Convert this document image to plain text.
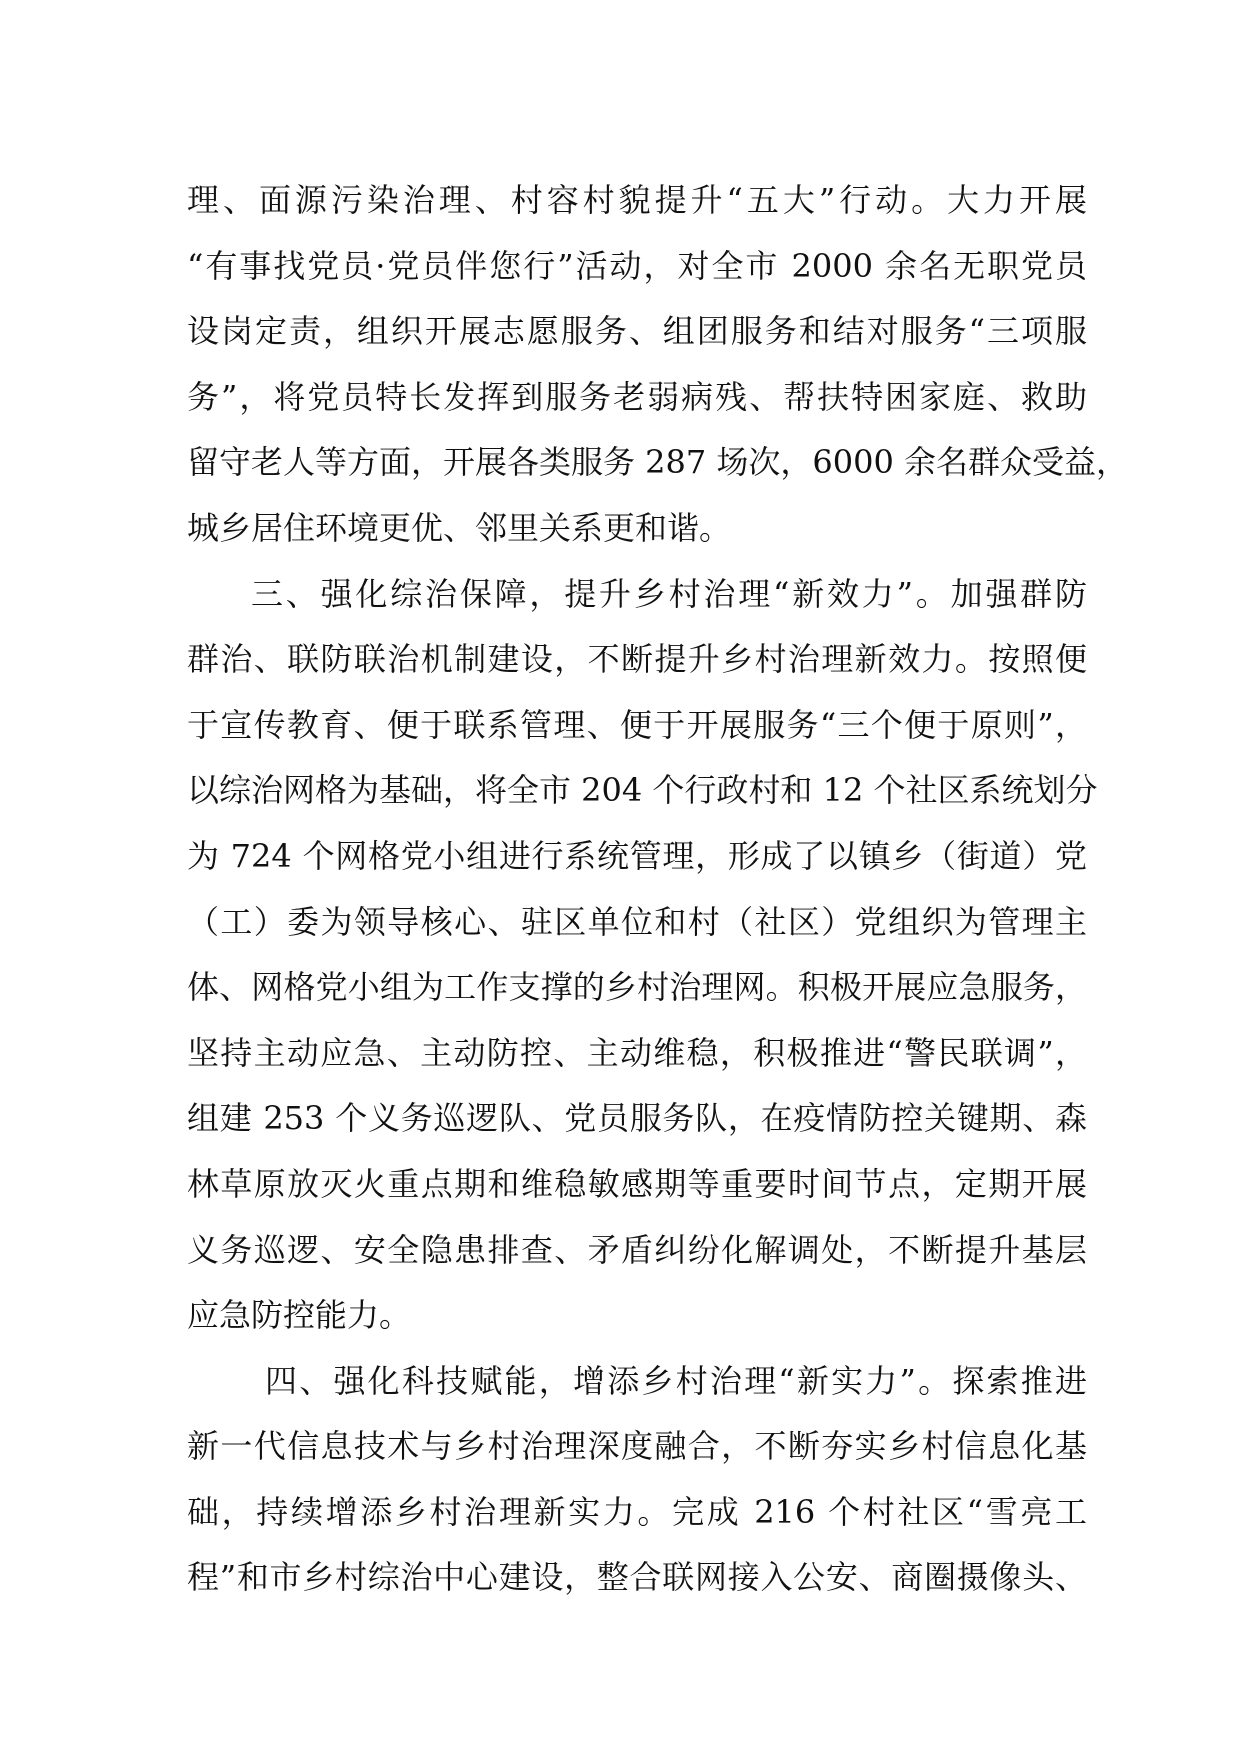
理、面源污染治理、村容村貌提升“五大”行动。大力开展
“有事找党员·党员伴您行”活动，对全市 2000 余名无职党员
设岗定责，组织开展志愿服务、组团服务和结对服务“三项服
务”，将党员特长发挥到服务老弱病残、帮扶特困家庭、救助
留守老人等方面，开展各类服务 287 场次，6000 余名群众受益，
城乡居住环境更优、邻里关系更和谐。
三、强化综治保障，提升乡村治理“新效力”。加强群防
群治、联防联治机制建设，不断提升乡村治理新效力。按照便
于宣传教育、便于联系管理、便于开展服务“三个便于原则”，
以综治网格为基础，将全市 204 个行政村和 12 个社区系统划分
为 724 个网格党小组进行系统管理，形成了以镇乡（街道）党
（工）委为领导核心、驻区单位和村（社区）党组织为管理主
体、网格党小组为工作支撑的乡村治理网。积极开展应急服务，
坚持主动应急、主动防控、主动维稳，积极推进“警民联调”，
组建 253 个义务巡逻队、党员服务队，在疫情防控关键期、森
林草原放灭火重点期和维稳敏感期等重要时间节点，定期开展
义务巡逻、安全隐患排查、矛盾纠纷化解调处，不断提升基层
应急防控能力。
四、强化科技赋能，增添乡村治理“新实力”。探索推进
新一代信息技术与乡村治理深度融合，不断夯实乡村信息化基
础，持续增添乡村治理新实力。完成 216 个村社区“雪亮工
程”和市乡村综治中心建设，整合联网接入公安、商圈摄像头、
